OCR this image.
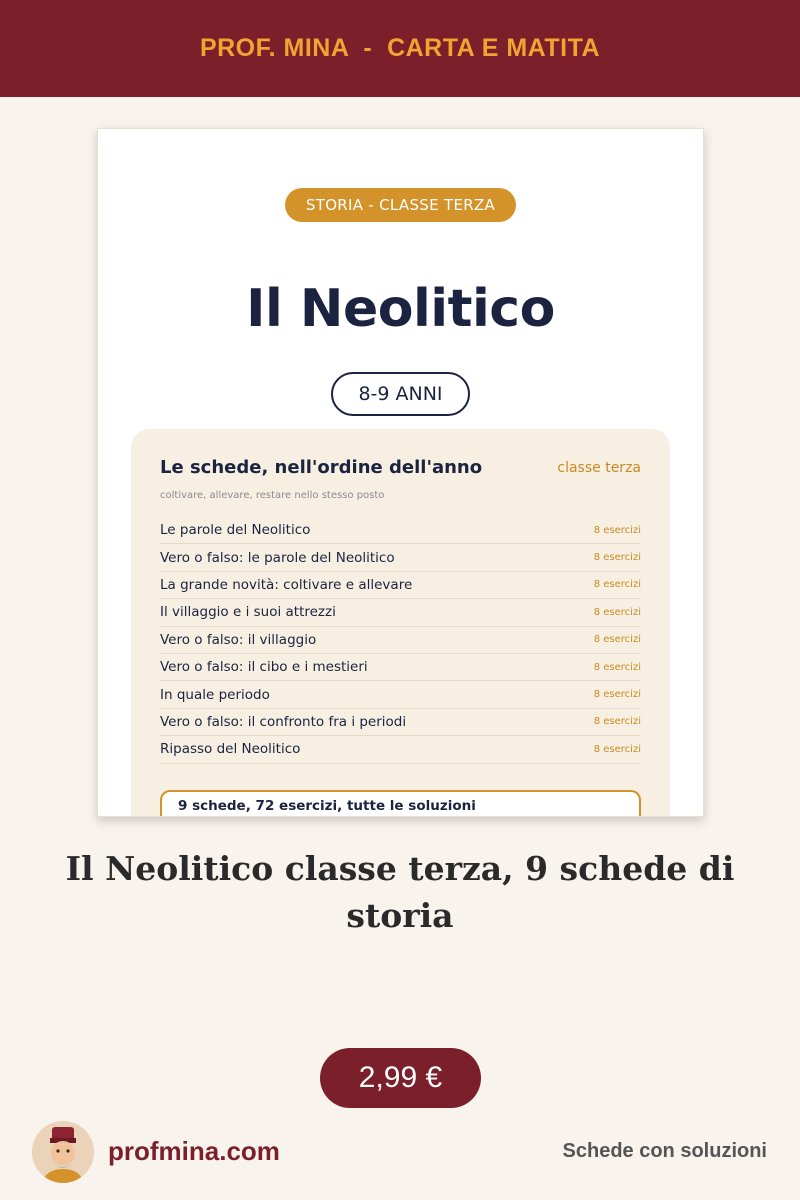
PROF. MINA  -  CARTA E MATITA
STORIA - CLASSE TERZA
Il Neolitico
8-9 ANNI
Le schede, nell'ordine dell'anno	classe terza
coltivare, allevare, restare nello stesso posto
Le parole del Neolitico	8 esercizi
Vero o falso: le parole del Neolitico	8 esercizi
La grande novità: coltivare e allevare	8 esercizi
Il villaggio e i suoi attrezzi	8 esercizi
Vero o falso: il villaggio	8 esercizi
Vero o falso: il cibo e i mestieri	8 esercizi
In quale periodo	8 esercizi
Vero o falso: il confronto fra i periodi	8 esercizi
Ripasso del Neolitico	8 esercizi
9 schede, 72 esercizi, tutte le soluzioni
Il Neolitico classe terza, 9 schede di storia
2,99 €
profmina.com	Schede con soluzioni
